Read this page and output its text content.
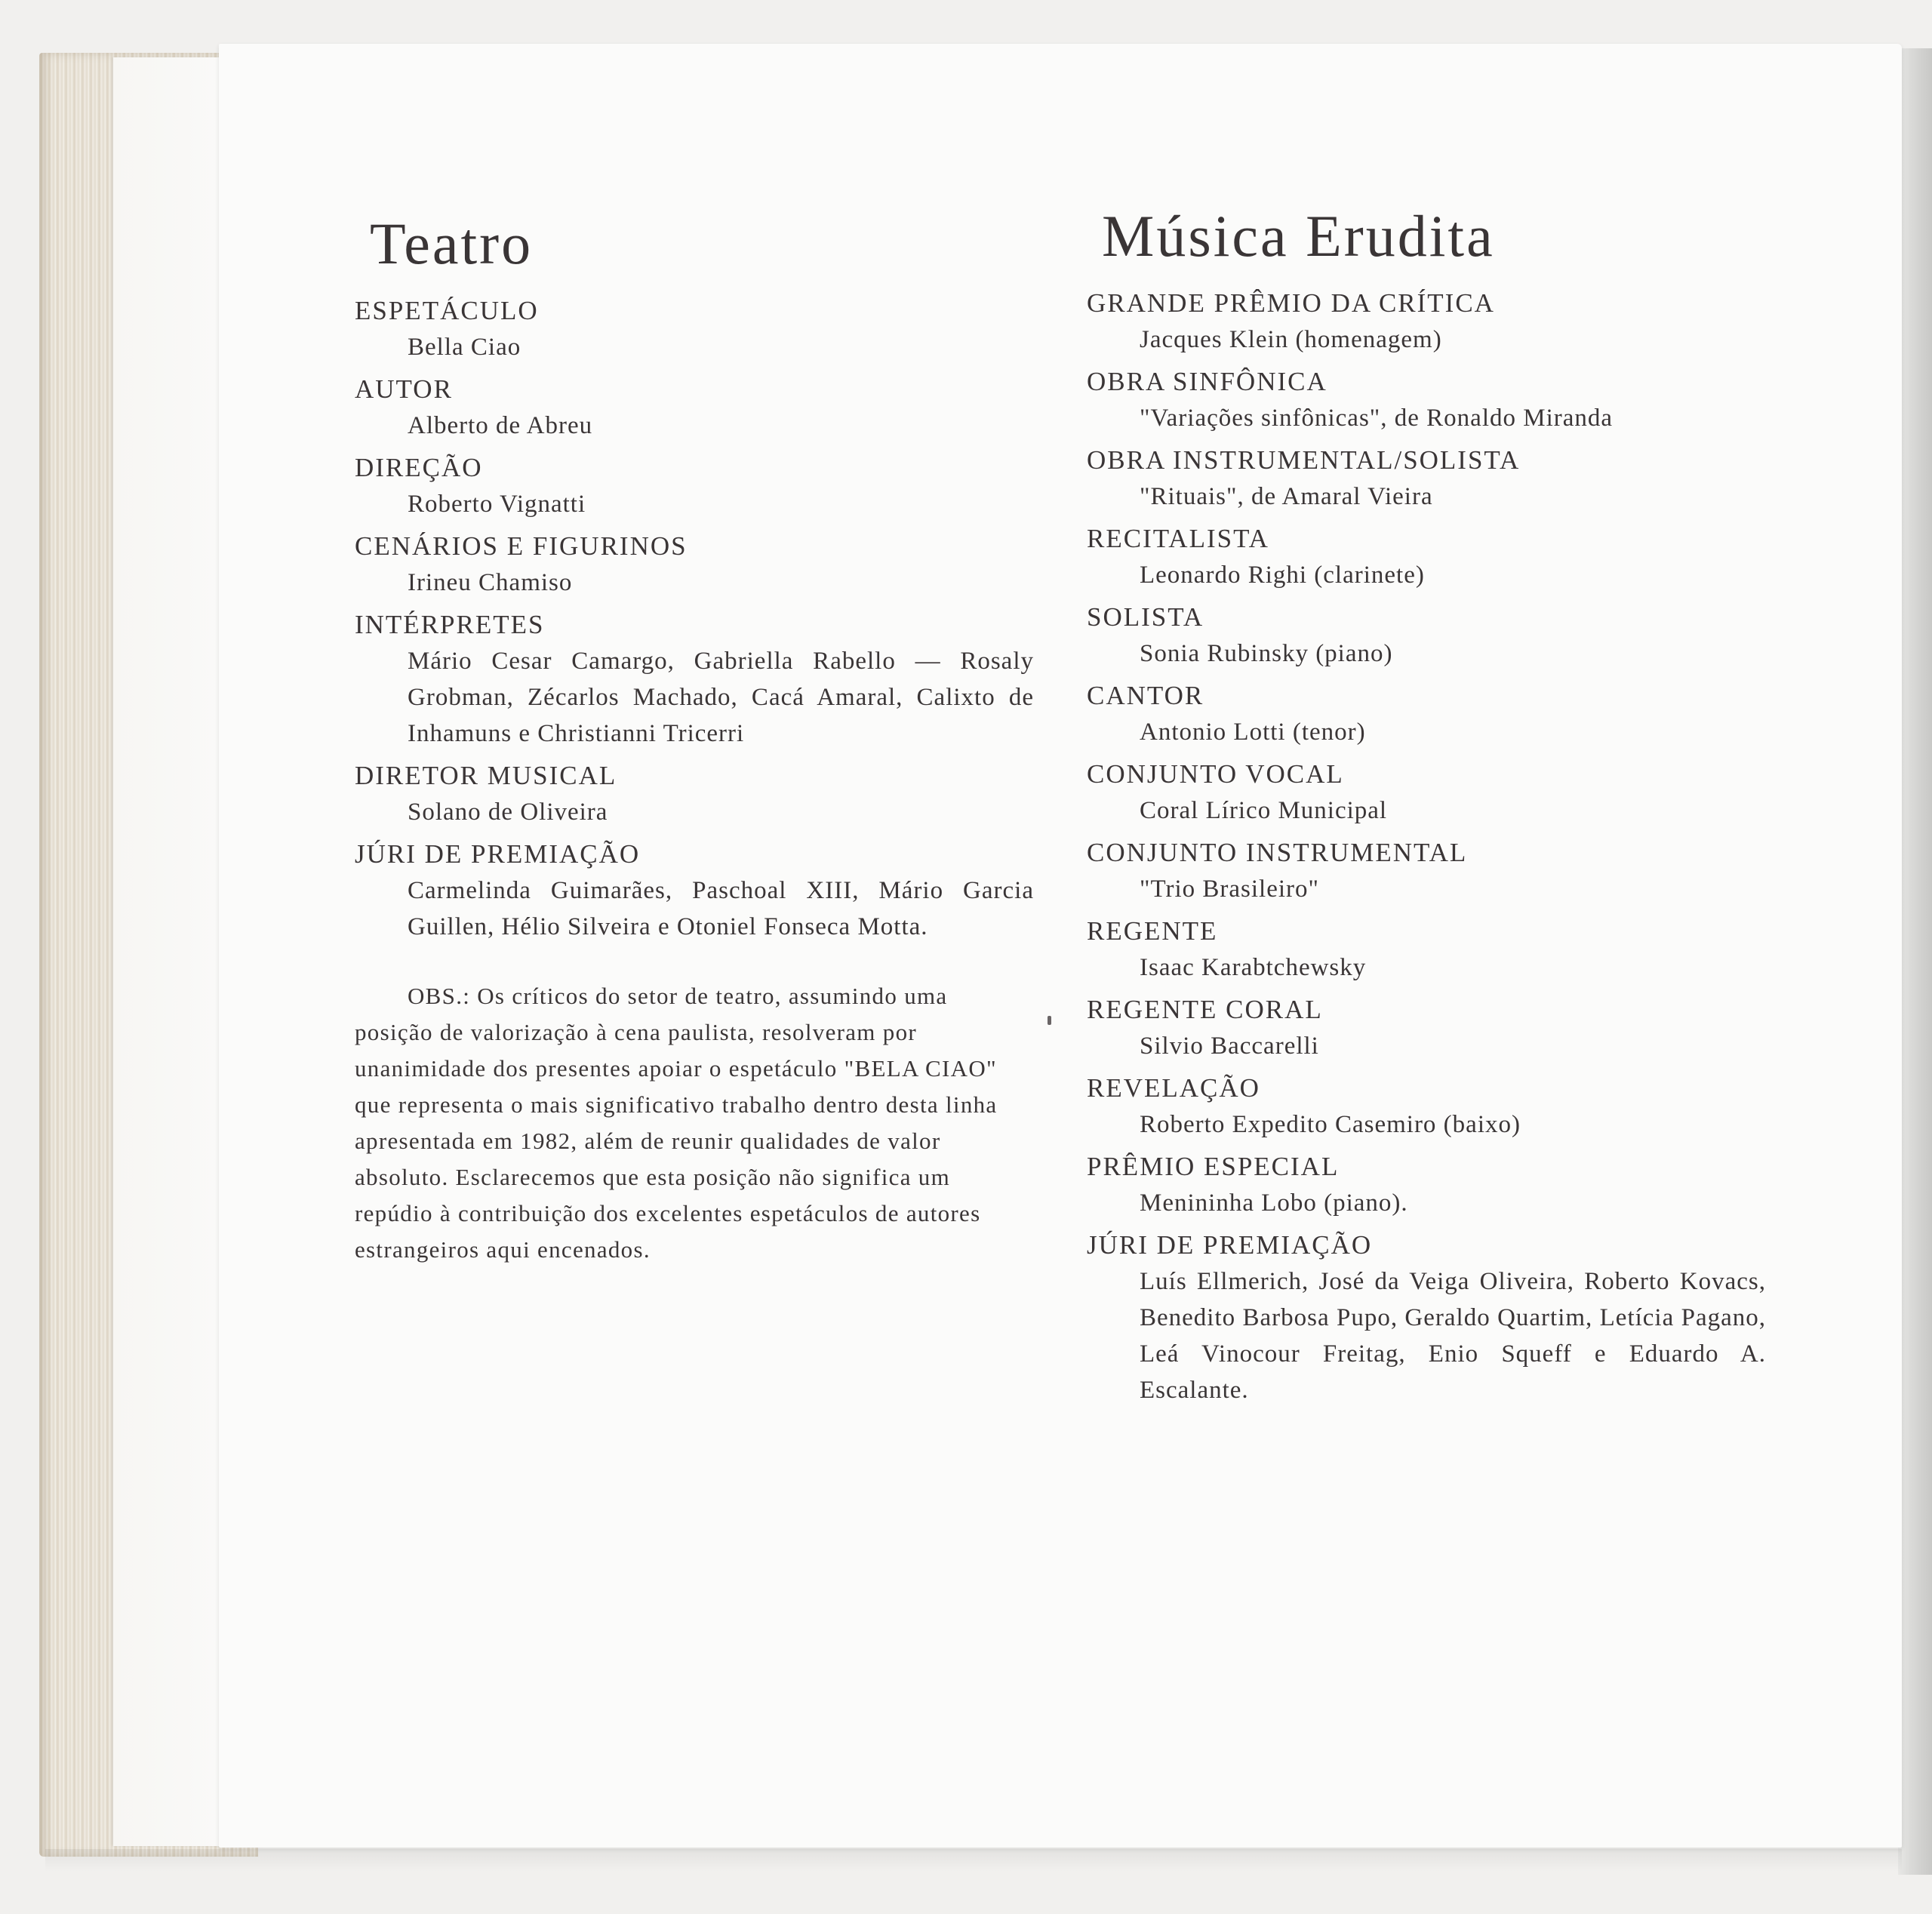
Teatro
ESPETÁCULO
Bella Ciao
AUTOR
Alberto de Abreu
DIREÇÃO
Roberto Vignatti
CENÁRIOS E FIGURINOS
Irineu Chamiso
INTÉRPRETES
Mário Cesar Camargo, Gabriella Rabello — Rosaly Grobman, Zécarlos Machado, Cacá Amaral, Calixto de Inhamuns e Christianni Tricerri
DIRETOR MUSICAL
Solano de Oliveira
JÚRI DE PREMIAÇÃO
Carmelinda Guimarães, Paschoal XIII, Mário Garcia Guillen, Hélio Silveira e Otoniel Fonseca Motta.

OBS.: Os críticos do setor de teatro, assumindo uma posição de valorização à cena paulista, resolveram por unanimidade dos presentes apoiar o espetáculo "BELA CIAO" que representa o mais significativo trabalho dentro desta linha apresentada em 1982, além de reunir qualidades de valor absoluto. Esclarecemos que esta posição não significa um repúdio à contribuição dos excelentes espetáculos de autores estrangeiros aqui encenados.

Música Erudita
GRANDE PRÊMIO DA CRÍTICA
Jacques Klein (homenagem)
OBRA SINFÔNICA
"Variações sinfônicas", de Ronaldo Miranda
OBRA INSTRUMENTAL/SOLISTA
"Rituais", de Amaral Vieira
RECITALISTA
Leonardo Righi (clarinete)
SOLISTA
Sonia Rubinsky (piano)
CANTOR
Antonio Lotti (tenor)
CONJUNTO VOCAL
Coral Lírico Municipal
CONJUNTO INSTRUMENTAL
"Trio Brasileiro"
REGENTE
Isaac Karabtchewsky
REGENTE CORAL
Silvio Baccarelli
REVELAÇÃO
Roberto Expedito Casemiro (baixo)
PRÊMIO ESPECIAL
Menininha Lobo (piano).
JÚRI DE PREMIAÇÃO
Luís Ellmerich, José da Veiga Oliveira, Roberto Kovacs, Benedito Barbosa Pupo, Geraldo Quartim, Letícia Pagano, Leá Vinocour Freitag, Enio Squeff e Eduardo A. Escalante.
